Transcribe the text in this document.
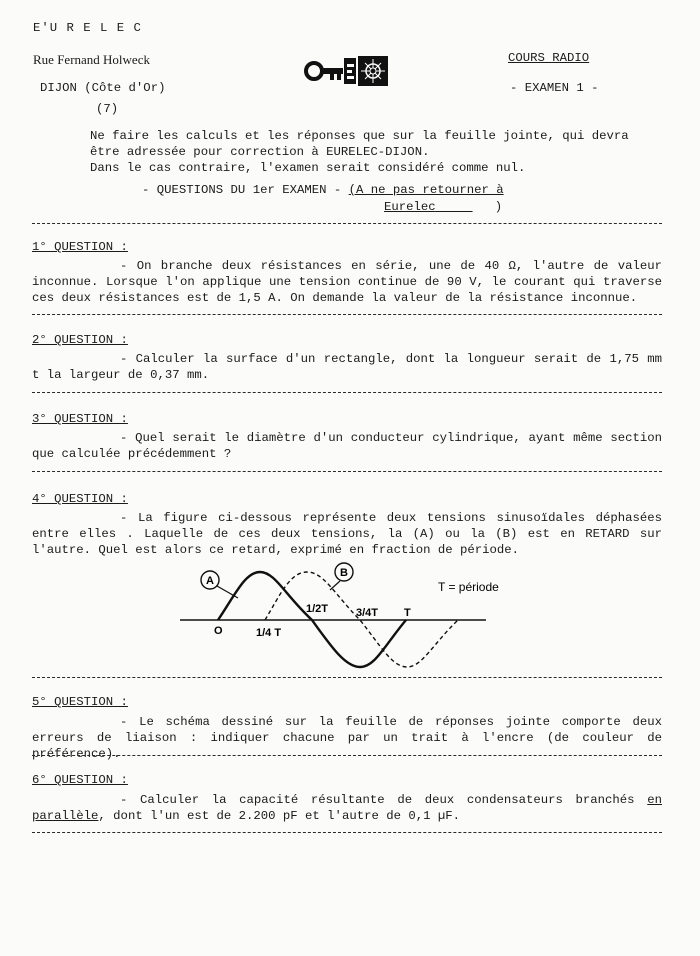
E'U R E L E C
Rue Fernand Holweck
DIJON (Côte d'Or)
(7)
COURS RADIO
- EXAMEN 1 -
Ne faire les calculs et les réponses que sur la feuille jointe, qui devra
être adressée pour correction à EURELEC-DIJON.
Dans le cas contraire, l'examen serait considéré comme nul.
- QUESTIONS DU 1er EXAMEN - (A ne pas retourner à
Eurelec	)
1° QUESTION :
- On branche deux résistances en série, une de 40 Ω, l'autre de valeur inconnue. Lorsque l'on applique une tension continue de 90 V, le courant qui traverse ces deux résistances est de 1,5 A. On demande la valeur de la résistance inconnue.
2° QUESTION :
- Calculer la surface d'un rectangle, dont la longueur serait de 1,75 mm t la largeur de 0,37 mm.
3° QUESTION :
- Quel serait le diamètre d'un conducteur cylindrique, ayant même section que calculée précédemment ?
4° QUESTION :
- La figure ci-dessous représente deux tensions sinusoïdales déphasées entre elles . Laquelle de ces deux tensions, la (A) ou la (B) est en RETARD sur l'autre. Quel est alors ce retard, exprimé en fraction de période.
A
B
O	1/4 T
1/2T	3/4T T
T = période
5° QUESTION :
- Le schéma dessiné sur la feuille de réponses jointe comporte deux erreurs de liaison : indiquer chacune par un trait à l'encre (de couleur de préférence).
6° QUESTION :
- Calculer la capacité résultante de deux condensateurs branchés en parallèle, dont l'un est de 2.200 pF et l'autre de 0,1 µF.
